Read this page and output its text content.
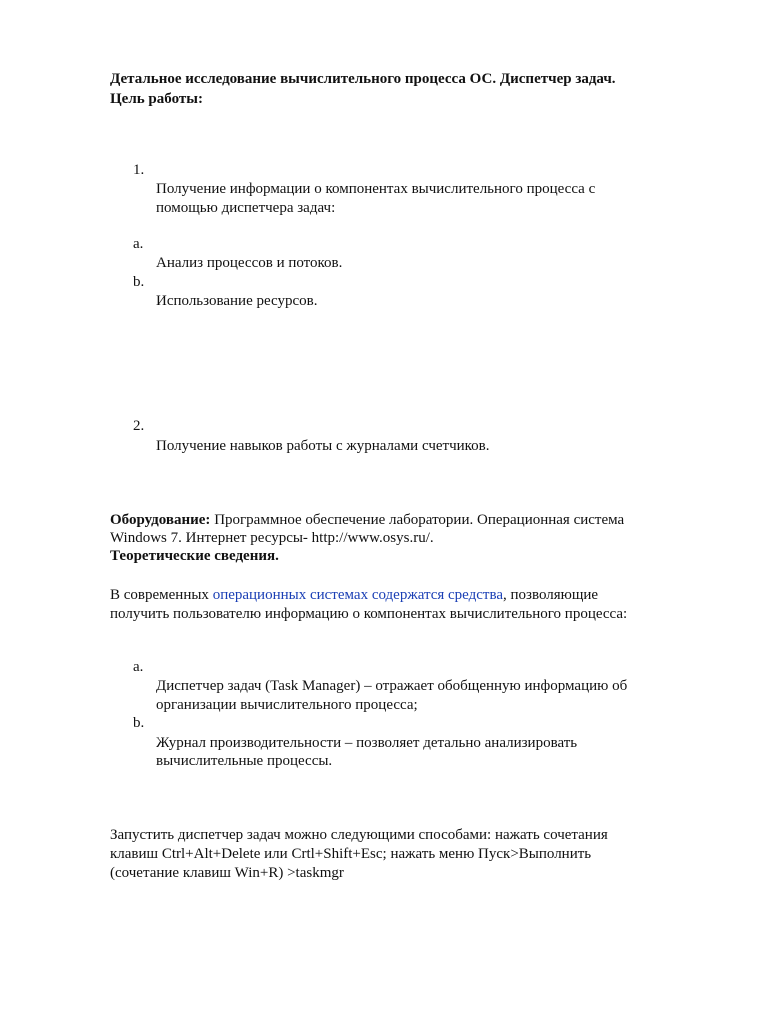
Детальное исследование вычислительного процесса ОС. Диспетчер задач.
Цель работы:
1.
Получение информации о компонентах вычислительного процесса с
помощью диспетчера задач:
a.
Анализ процессов и потоков.
b.
Использование ресурсов.
2.
Получение навыков работы с журналами счетчиков.
Оборудование: Программное обеспечение лаборатории. Операционная система
Windows 7. Интернет ресурсы- http://www.osys.ru/.
Теоретические сведения.
В современных операционных системах содержатся средства, позволяющие
получить пользователю информацию о компонентах вычислительного процесса:
a.
Диспетчер задач (Task Manager) – отражает обобщенную информацию об
организации вычислительного процесса;
b.
Журнал производительности – позволяет детально анализировать
вычислительные процессы.
Запустить диспетчер задач можно следующими способами: нажать сочетания
клавиш Ctrl+Alt+Delete или Crtl+Shift+Esc; нажать меню Пуск>Выполнить
(сочетание клавиш Win+R) >taskmgr
